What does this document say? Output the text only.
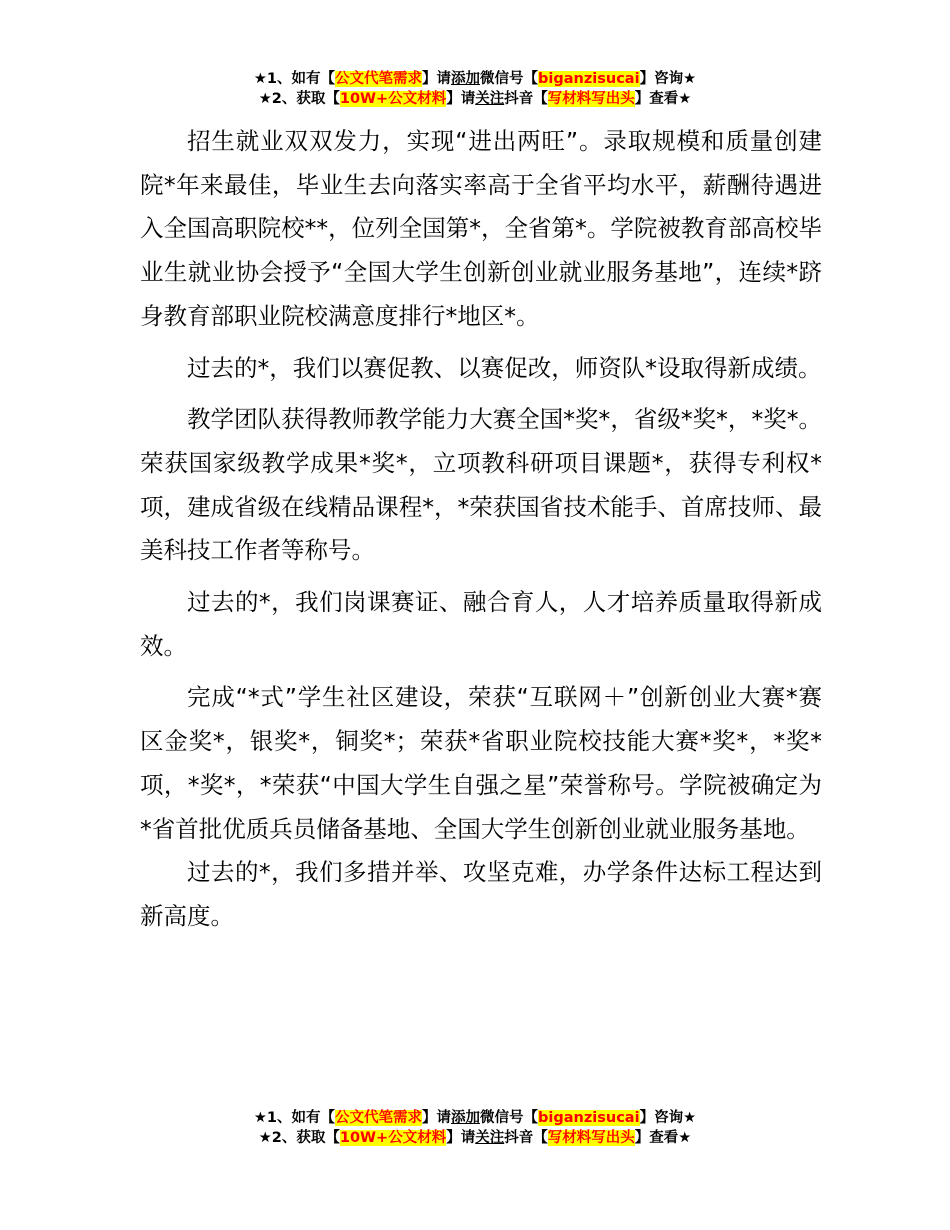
★1、如有【公文代笔需求】请添加微信号【biganzisucai】咨询★
★2、获取【10W+公文材料】请关注抖音【写材料写出头】查看★

招生就业双双发力，实现“进出两旺”。录取规模和质量创建院*年来最佳，毕业生去向落实率高于全省平均水平，薪酬待遇进入全国高职院校**，位列全国第*，全省第*。学院被教育部高校毕业生就业协会授予“全国大学生创新创业就业服务基地”，连续*跻身教育部职业院校满意度排行*地区*。

过去的*，我们以赛促教、以赛促改，师资队*设取得新成绩。

教学团队获得教师教学能力大赛全国*奖*，省级*奖*，*奖*。荣获国家级教学成果*奖*，立项教科研项目课题*，获得专利权*项，建成省级在线精品课程*，*荣获国省技术能手、首席技师、最美科技工作者等称号。

过去的*，我们岗课赛证、融合育人，人才培养质量取得新成效。

完成“*式”学生社区建设，荣获“互联网＋”创新创业大赛*赛区金奖*，银奖*，铜奖*；荣获*省职业院校技能大赛*奖*，*奖*项，*奖*，*荣获“中国大学生自强之星”荣誉称号。学院被确定为*省首批优质兵员储备基地、全国大学生创新创业就业服务基地。

过去的*，我们多措并举、攻坚克难，办学条件达标工程达到新高度。

★1、如有【公文代笔需求】请添加微信号【biganzisucai】咨询★
★2、获取【10W+公文材料】请关注抖音【写材料写出头】查看★
